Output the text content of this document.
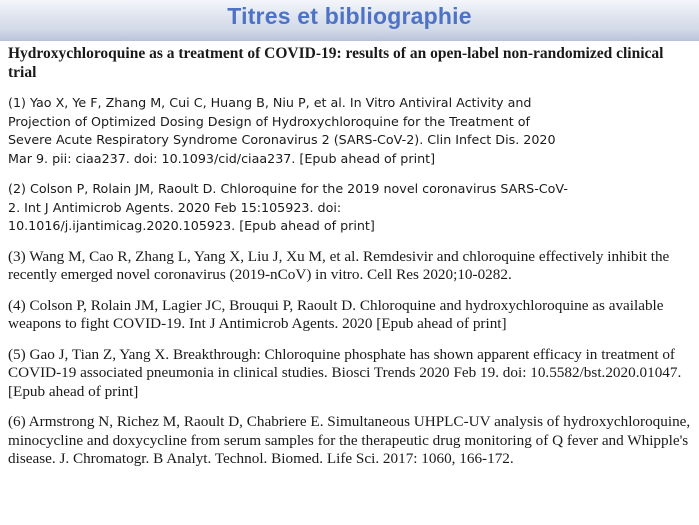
Titres et bibliographie

Hydroxychloroquine as a treatment of COVID-19: results of an open-label non-randomized clinical trial

(1) Yao X, Ye F, Zhang M, Cui C, Huang B, Niu P, et al. In Vitro Antiviral Activity and Projection of Optimized Dosing Design of Hydroxychloroquine for the Treatment of Severe Acute Respiratory Syndrome Coronavirus 2 (SARS-CoV-2). Clin Infect Dis. 2020 Mar 9. pii: ciaa237. doi: 10.1093/cid/ciaa237. [Epub ahead of print]

(2) Colson P, Rolain JM, Raoult D. Chloroquine for the 2019 novel coronavirus SARS-CoV-2. Int J Antimicrob Agents. 2020 Feb 15:105923. doi: 10.1016/j.ijantimicag.2020.105923. [Epub ahead of print]

(3) Wang M, Cao R, Zhang L, Yang X, Liu J, Xu M, et al. Remdesivir and chloroquine effectively inhibit the recently emerged novel coronavirus (2019-nCoV) in vitro. Cell Res 2020;10-0282.

(4) Colson P, Rolain JM, Lagier JC, Brouqui P, Raoult D. Chloroquine and hydroxychloroquine as available weapons to fight COVID-19. Int J Antimicrob Agents. 2020 [Epub ahead of print]

(5) Gao J, Tian Z, Yang X. Breakthrough: Chloroquine phosphate has shown apparent efficacy in treatment of COVID-19 associated pneumonia in clinical studies. Biosci Trends 2020 Feb 19. doi: 10.5582/bst.2020.01047. [Epub ahead of print]

(6) Armstrong N, Richez M, Raoult D, Chabriere E. Simultaneous UHPLC-UV analysis of hydroxychloroquine, minocycline and doxycycline from serum samples for the therapeutic drug monitoring of Q fever and Whipple's disease. J. Chromatogr. B Analyt. Technol. Biomed. Life Sci. 2017: 1060, 166-172.
